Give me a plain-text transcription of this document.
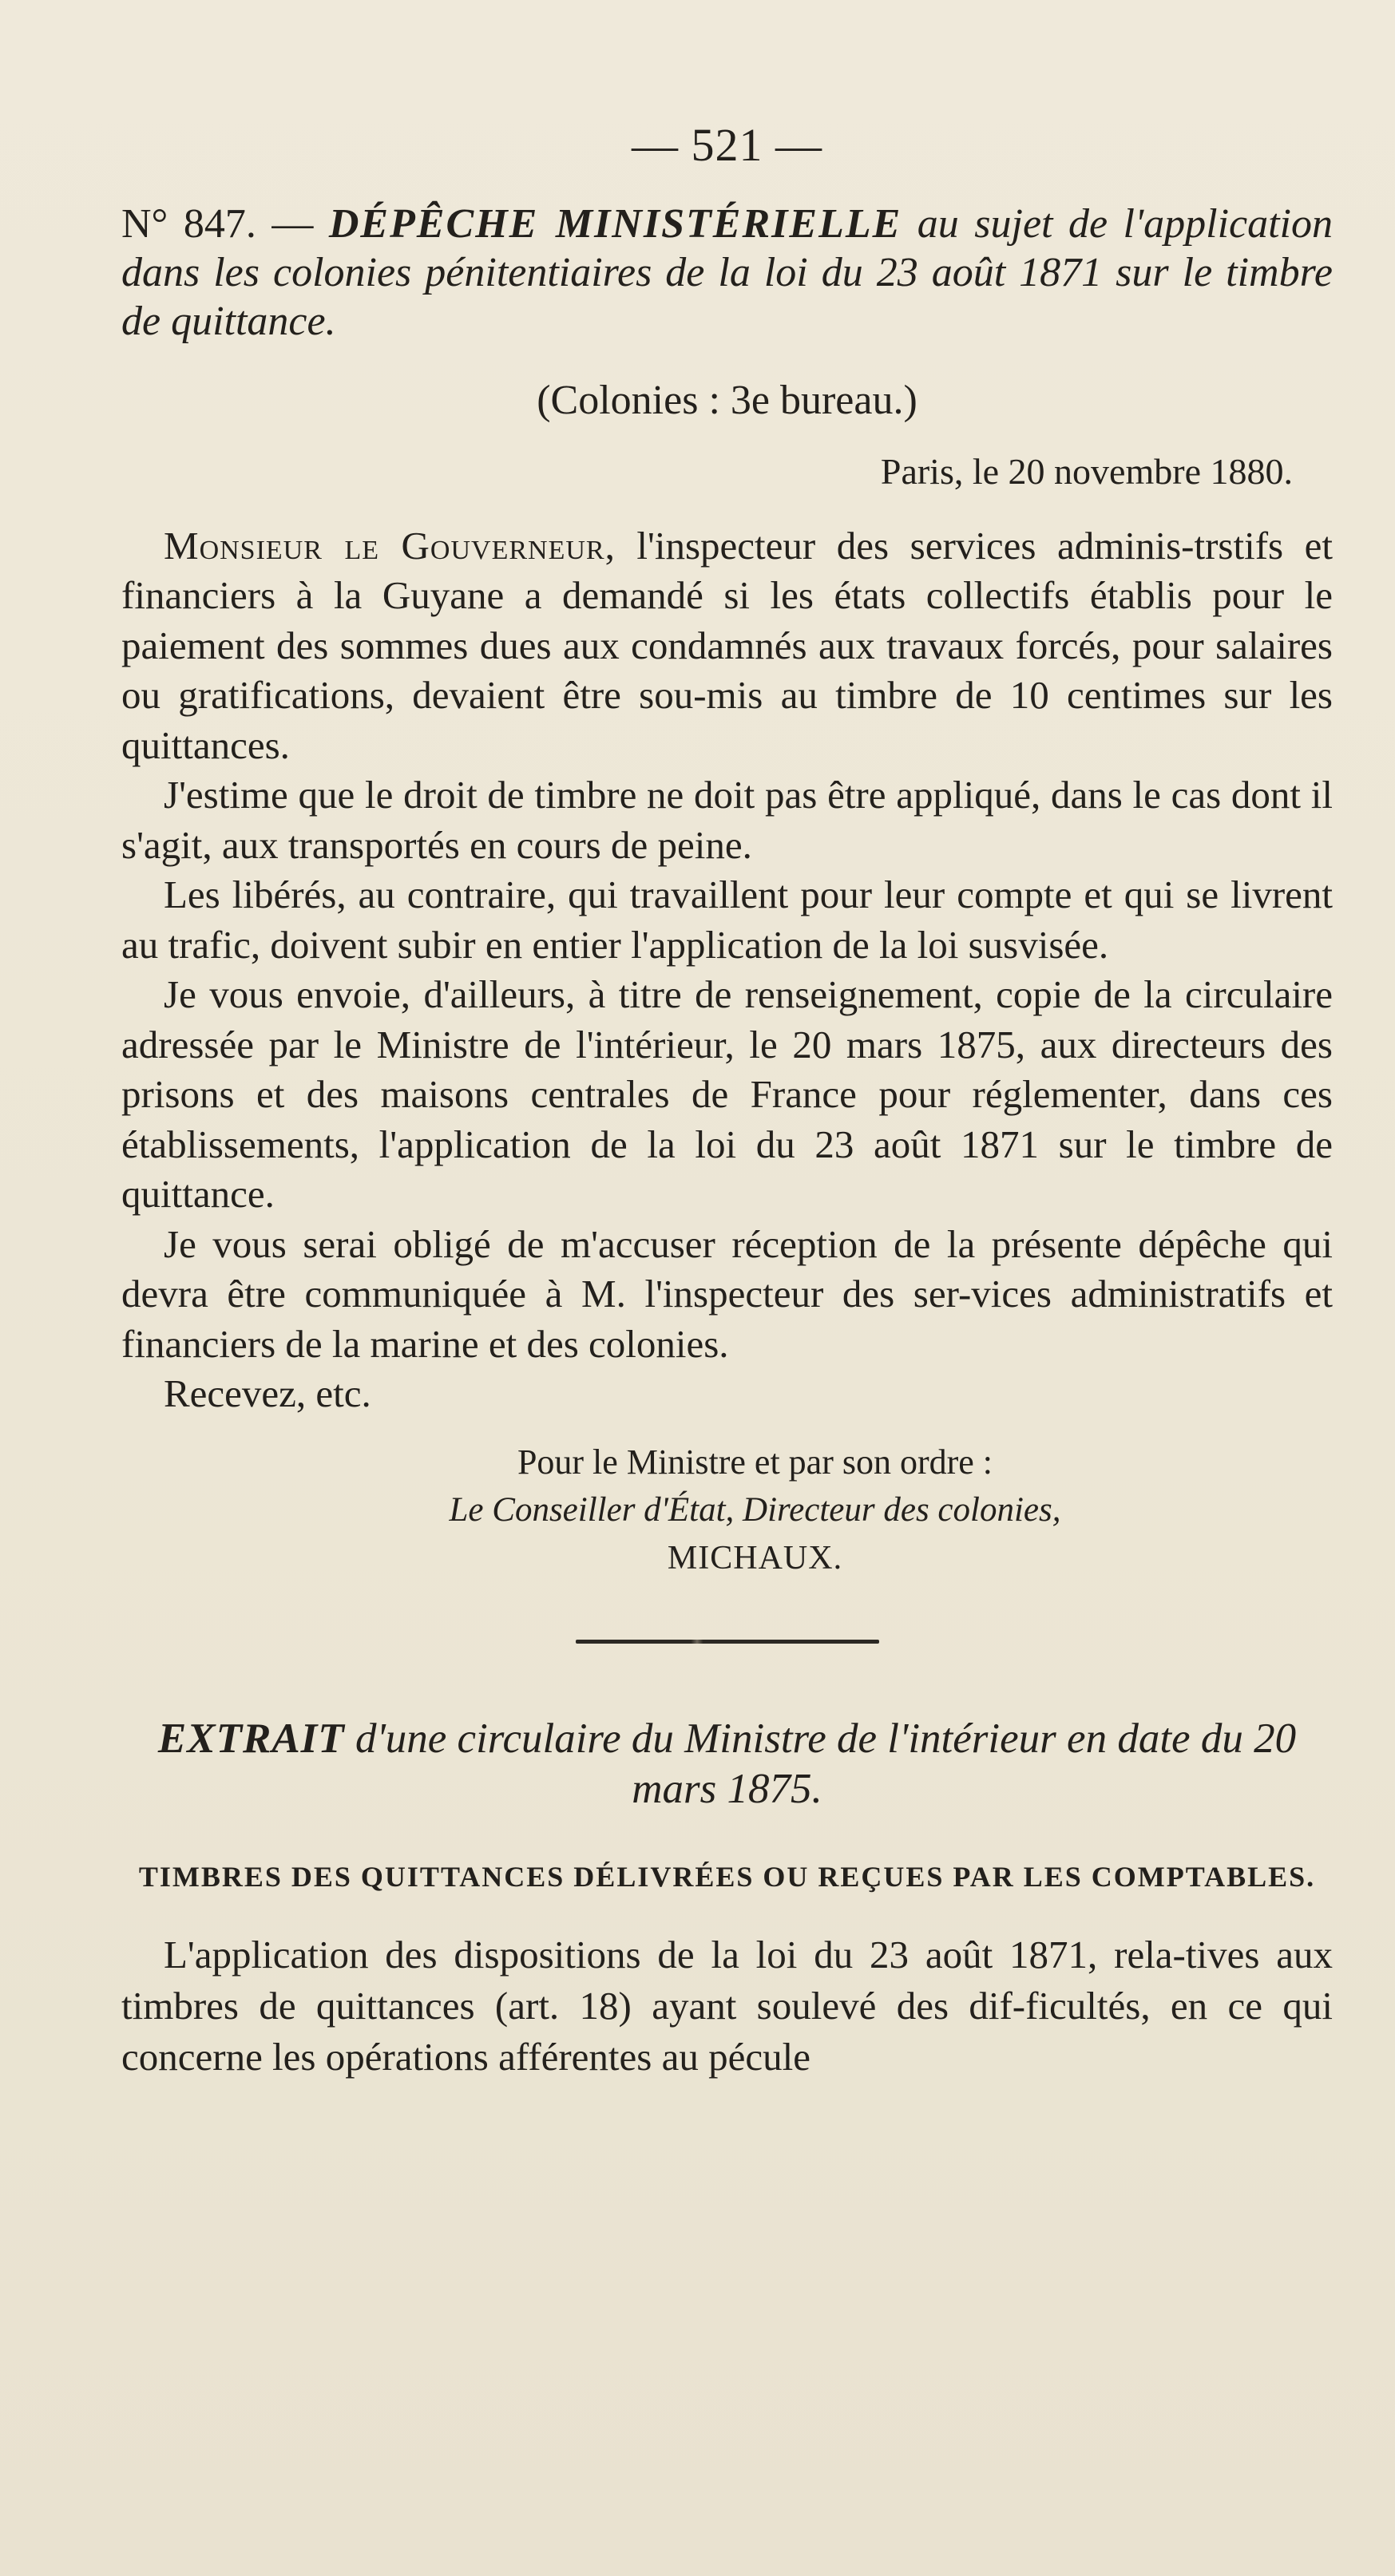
— 521 —

N° 847. — DÉPÊCHE MINISTÉRIELLE au sujet de l'application dans les colonies pénitentiaires de la loi du 23 août 1871 sur le timbre de quittance.

(Colonies : 3e bureau.)
Paris, le 20 novembre 1880.

Monsieur le Gouverneur, l'inspecteur des services adminis-trstifs et financiers à la Guyane a demandé si les états collectifs établis pour le paiement des sommes dues aux condamnés aux travaux forcés, pour salaires ou gratifications, devaient être sou-mis au timbre de 10 centimes sur les quittances.

J'estime que le droit de timbre ne doit pas être appliqué, dans le cas dont il s'agit, aux transportés en cours de peine.

Les libérés, au contraire, qui travaillent pour leur compte et qui se livrent au trafic, doivent subir en entier l'application de la loi susvisée.

Je vous envoie, d'ailleurs, à titre de renseignement, copie de la circulaire adressée par le Ministre de l'intérieur, le 20 mars 1875, aux directeurs des prisons et des maisons centrales de France pour réglementer, dans ces établissements, l'application de la loi du 23 août 1871 sur le timbre de quittance.

Je vous serai obligé de m'accuser réception de la présente dépêche qui devra être communiquée à M. l'inspecteur des ser-vices administratifs et financiers de la marine et des colonies.

Recevez, etc.

Pour le Ministre et par son ordre :
Le Conseiller d'État, Directeur des colonies,
MICHAUX.
EXTRAIT d'une circulaire du Ministre de l'intérieur en date du 20 mars 1875.
TIMBRES DES QUITTANCES DÉLIVRÉES OU REÇUES PAR LES COMPTABLES.

L'application des dispositions de la loi du 23 août 1871, rela-tives aux timbres de quittances (art. 18) ayant soulevé des dif-ficultés, en ce qui concerne les opérations afférentes au pécule
